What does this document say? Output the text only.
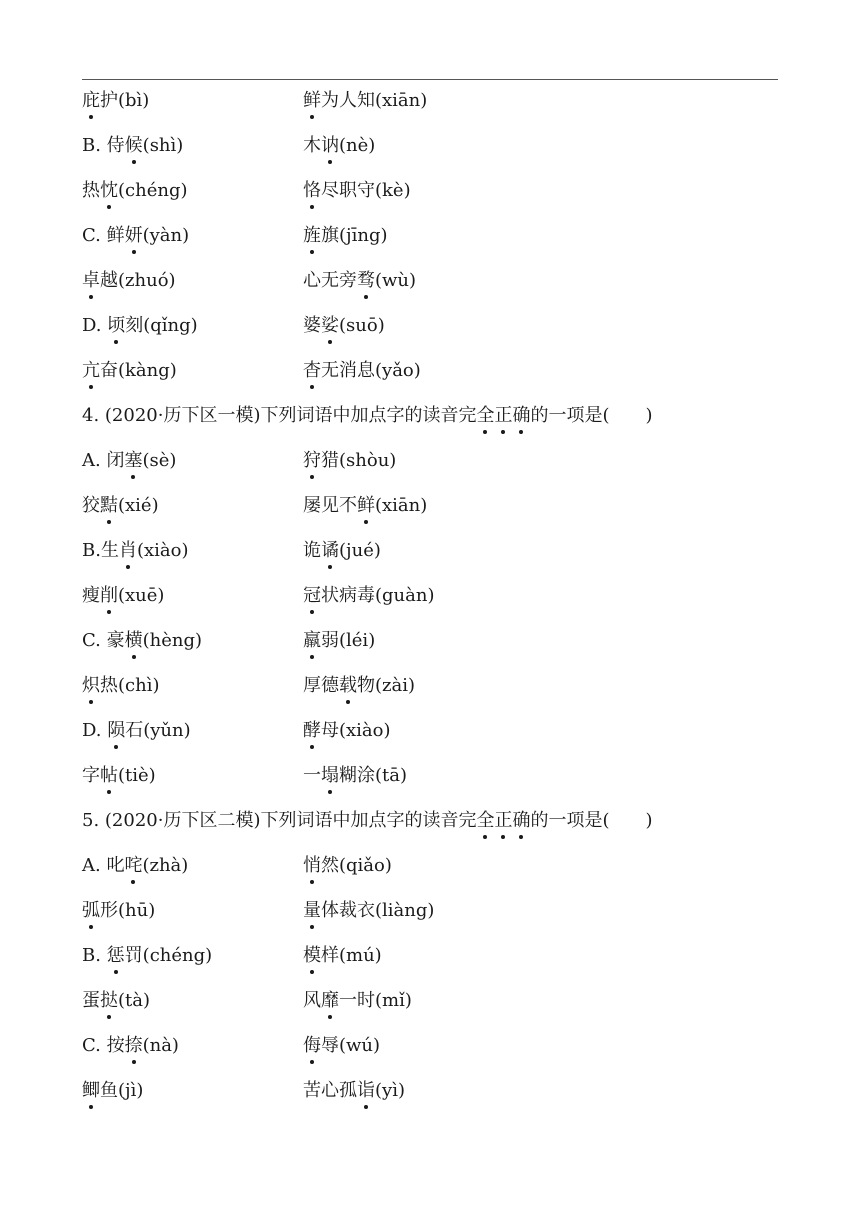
庇护(bì)	鲜为人知(xiān)
B. 侍候(shì)	木讷(nè)
热忱(chéng)	恪尽职守(kè)
C. 鲜妍(yàn)	旌旗(jīng)
卓越(zhuó)	心无旁骛(wù)
D. 顷刻(qǐng)	婆娑(suō)
亢奋(kàng)	杳无消息(yǎo)
4. (2020·历下区一模)下列词语中加点字的读音完全正确的一项是(　　)
A. 闭塞(sè)	狩猎(shòu)
狡黠(xié)	屡见不鲜(xiān)
B.生肖(xiào)	诡谲(jué)
瘦削(xuē)	冠状病毒(guàn)
C. 豪横(hèng)	羸弱(léi)
炽热(chì)	厚德载物(zài)
D. 陨石(yǔn)	酵母(xiào)
字帖(tiè)	一塌糊涂(tā)
5. (2020·历下区二模)下列词语中加点字的读音完全正确的一项是(　　)
A. 叱咤(zhà)	悄然(qiǎo)
弧形(hū)	量体裁衣(liàng)
B. 惩罚(chéng)	模样(mú)
蛋挞(tà)	风靡一时(mǐ)
C. 按捺(nà)	侮辱(wú)
鲫鱼(jì)	苦心孤诣(yì)
